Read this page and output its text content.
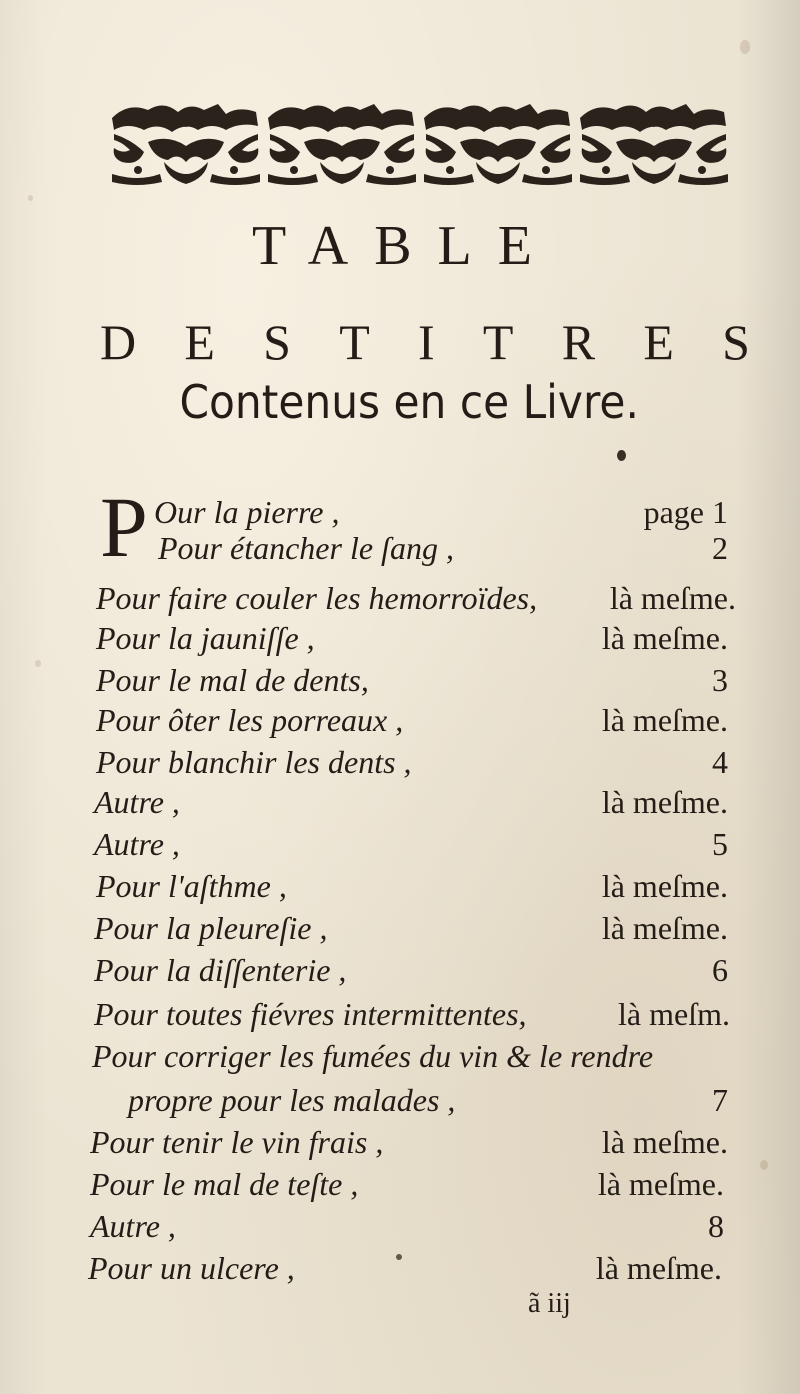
TABLE
D E S T I T R E S
Contenus en ce Livre.
P Our la pierre ,	page 1
Pour étancher le ſang ,	2
Pour faire couler les hemorroïdes, là meſme.
Pour la jauniſſe ,	là meſme.
Pour le mal de dents,	3
Pour ôter les porreaux ,	là meſme.
Pour blanchir les dents ,	4
Autre ,	là meſme.
Autre ,	5
Pour l'aſthme ,	là meſme.
Pour la pleureſie ,	là meſme.
Pour la diſſenterie ,	6
Pour toutes fiévres intermittentes,	là meſm.
Pour corriger les fumées du vin & le rendre
propre pour les malades ,	7
Pour tenir le vin frais ,	là meſme.
Pour le mal de teſte ,	là meſme.
Autre ,	8
Pour un ulcere ,	là meſme.
ã iij
